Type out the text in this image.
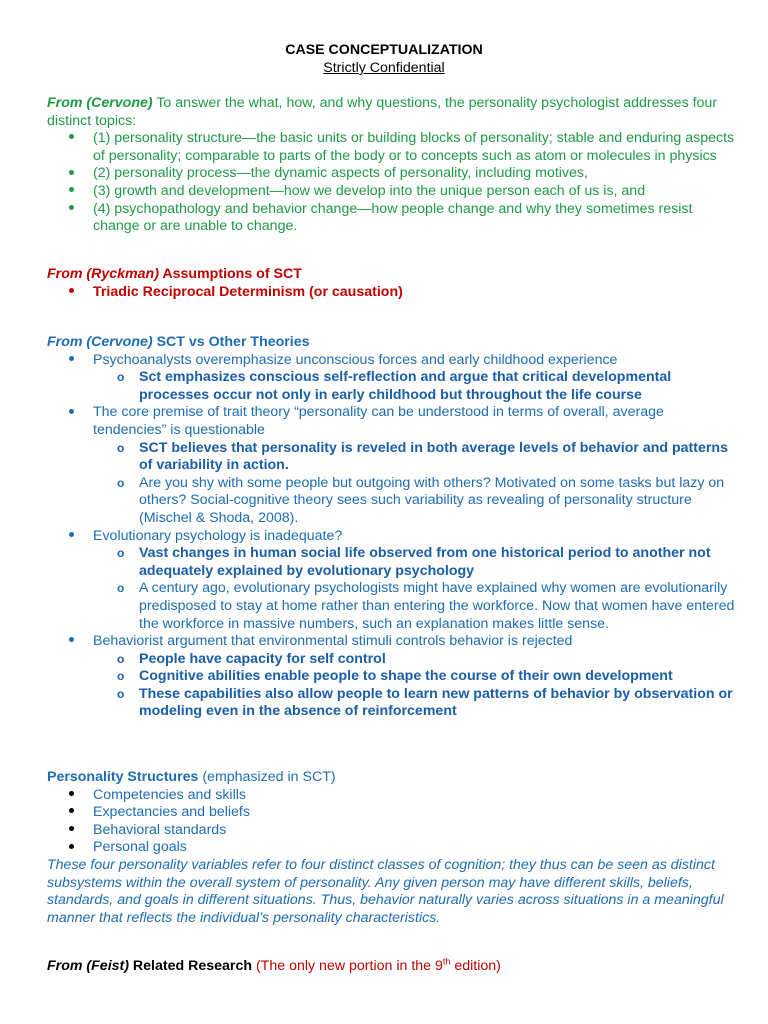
CASE CONCEPTUALIZATION
Strictly Confidential
From (Cervone) To answer the what, how, and why questions, the personality psychologist addresses four distinct topics:
(1) personality structure—the basic units or building blocks of personality; stable and enduring aspects of personality; comparable to parts of the body or to concepts such as atom or molecules in physics
(2) personality process—the dynamic aspects of personality, including motives,
(3) growth and development—how we develop into the unique person each of us is, and
(4) psychopathology and behavior change—how people change and why they sometimes resist change or are unable to change.
From (Ryckman) Assumptions of SCT
Triadic Reciprocal Determinism (or causation)
From (Cervone) SCT vs Other Theories
Psychoanalysts overemphasize unconscious forces and early childhood experience
o Sct emphasizes conscious self-reflection and argue that critical developmental processes occur not only in early childhood but throughout the life course
The core premise of trait theory “personality can be understood in terms of overall, average tendencies” is questionable
o SCT believes that personality is reveled in both average levels of behavior and patterns of variability in action.
o Are you shy with some people but outgoing with others? Motivated on some tasks but lazy on others? Social-cognitive theory sees such variability as revealing of personality structure (Mischel & Shoda, 2008).
Evolutionary psychology is inadequate?
o Vast changes in human social life observed from one historical period to another not adequately explained by evolutionary psychology
o A century ago, evolutionary psychologists might have explained why women are evolutionarily predisposed to stay at home rather than entering the workforce. Now that women have entered the workforce in massive numbers, such an explanation makes little sense.
Behaviorist argument that environmental stimuli controls behavior is rejected
o People have capacity for self control
o Cognitive abilities enable people to shape the course of their own development
o These capabilities also allow people to learn new patterns of behavior by observation or modeling even in the absence of reinforcement
Personality Structures (emphasized in SCT)
Competencies and skills
Expectancies and beliefs
Behavioral standards
Personal goals
These four personality variables refer to four distinct classes of cognition; they thus can be seen as distinct subsystems within the overall system of personality. Any given person may have different skills, beliefs, standards, and goals in different situations. Thus, behavior naturally varies across situations in a meaningful manner that reflects the individual’s personality characteristics.
From (Feist) Related Research (The only new portion in the 9th edition)
